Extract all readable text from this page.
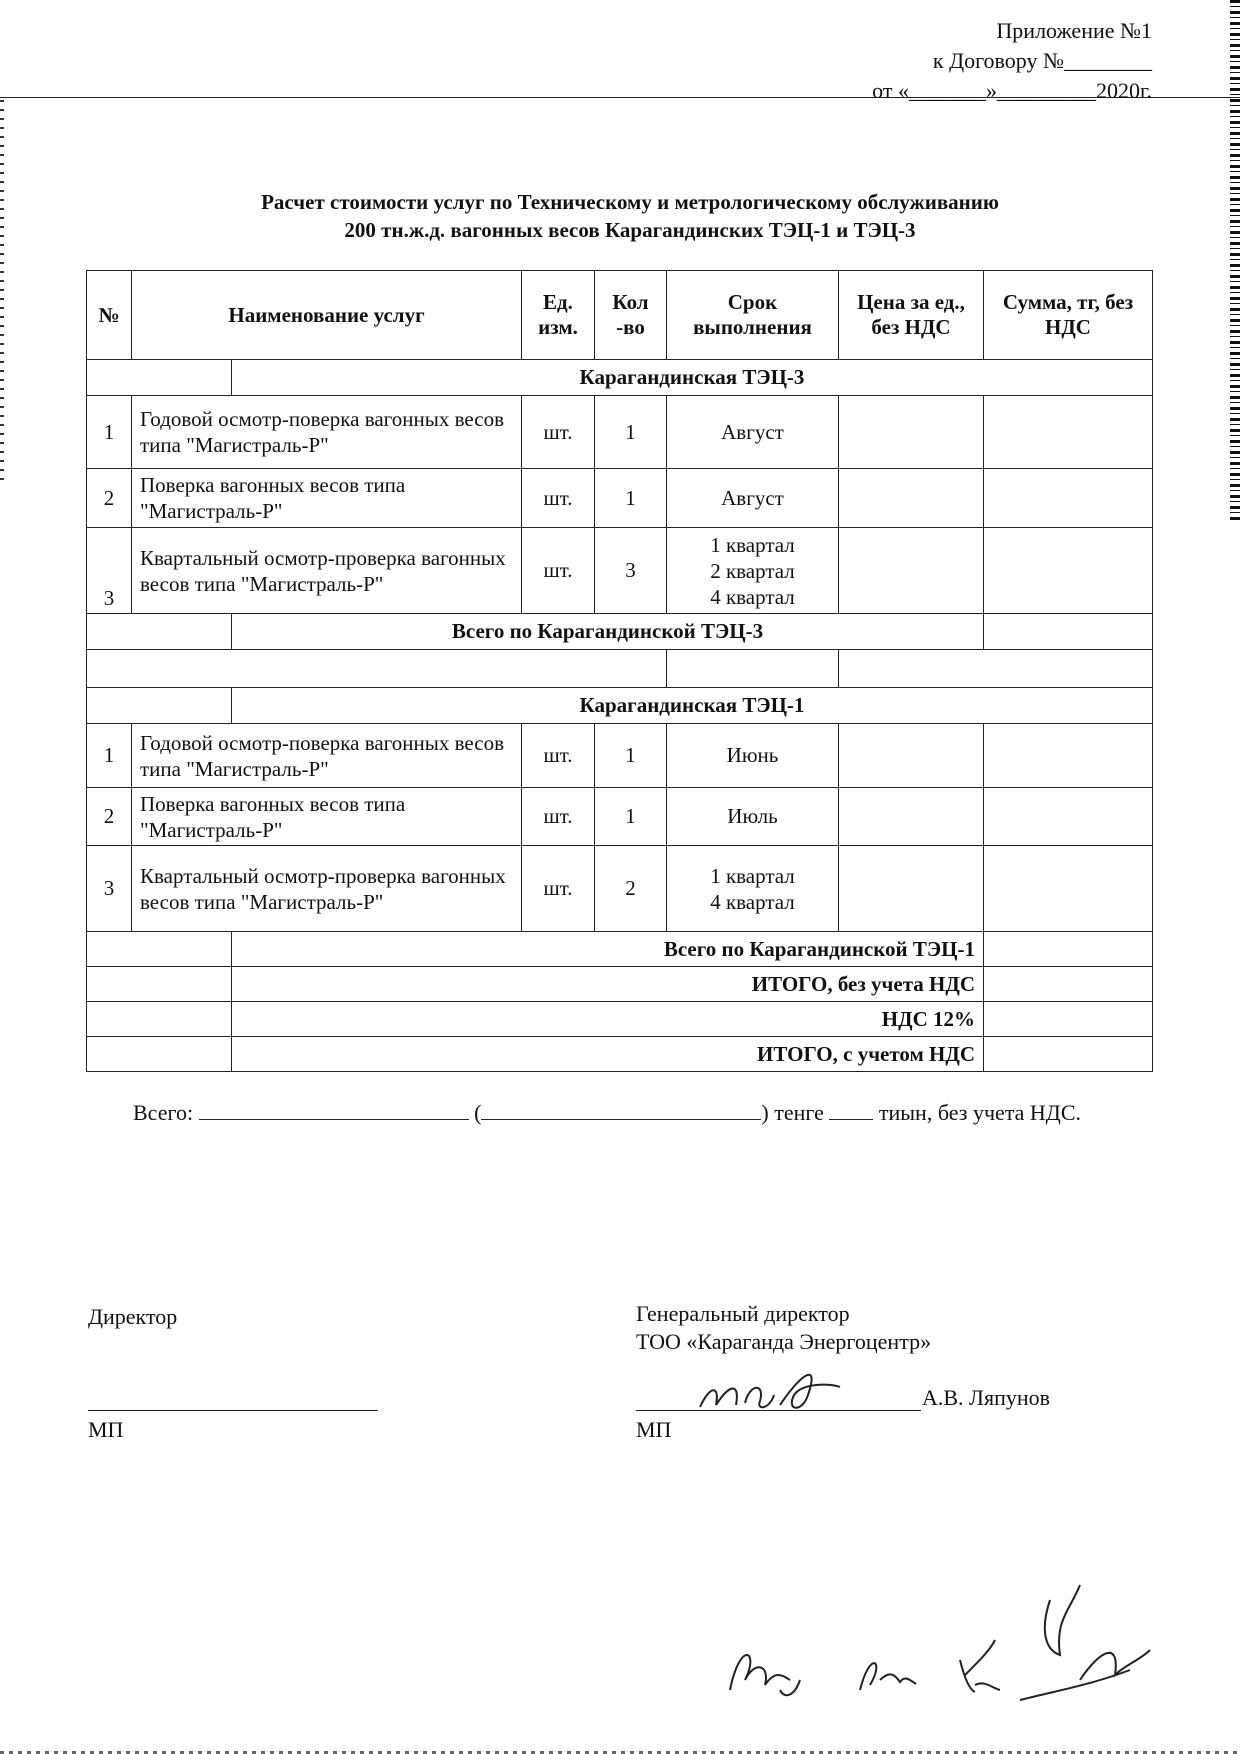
Приложение №1
к Договору №________
от «_______»_________2020г.
Расчет стоимости услуг по Техническому и метрологическому обслуживанию
200 тн.ж.д. вагонных весов Карагандинских ТЭЦ-1 и ТЭЦ-3
№	Наименование услуг		Ед. изм.	Кол -во	Срок выполнения	Цена за ед., без НДС	Сумма, тг, без НДС
		Карагандинская ТЭЦ-3					
1	Годовой осмотр-поверка вагонных весов типа "Магистраль-Р"		шт.	1	Август		
2	Поверка вагонных весов типа "Магистраль-Р"		шт.	1	Август		
3	Квартальный осмотр-проверка вагонных весов типа "Магистраль-Р"		шт.	3	1 квартал
2 квартал
4 квартал		

		Всего по Карагандинской ТЭЦ-3					

		Карагандинская ТЭЦ-1					
1	Годовой осмотр-поверка вагонных весов типа "Магистраль-Р"		шт.	1	Июнь		
2	Поверка вагонных весов типа "Магистраль-Р"		шт.	1	Июль		
3	Квартальный осмотр-проверка вагонных весов типа "Магистраль-Р"		шт.	2	1 квартал
4 квартал		

		Всего по Карагандинской ТЭЦ-1					
		ИТОГО, без учета НДС					
		НДС 12%					
		ИТОГО, с учетом НДС					
Всего:	(	) тенге	тиын, без учета НДС.
Директор
МП
Генеральный директор
ТОО «Караганда Энергоцентр»
А.В. Ляпунов
МП
